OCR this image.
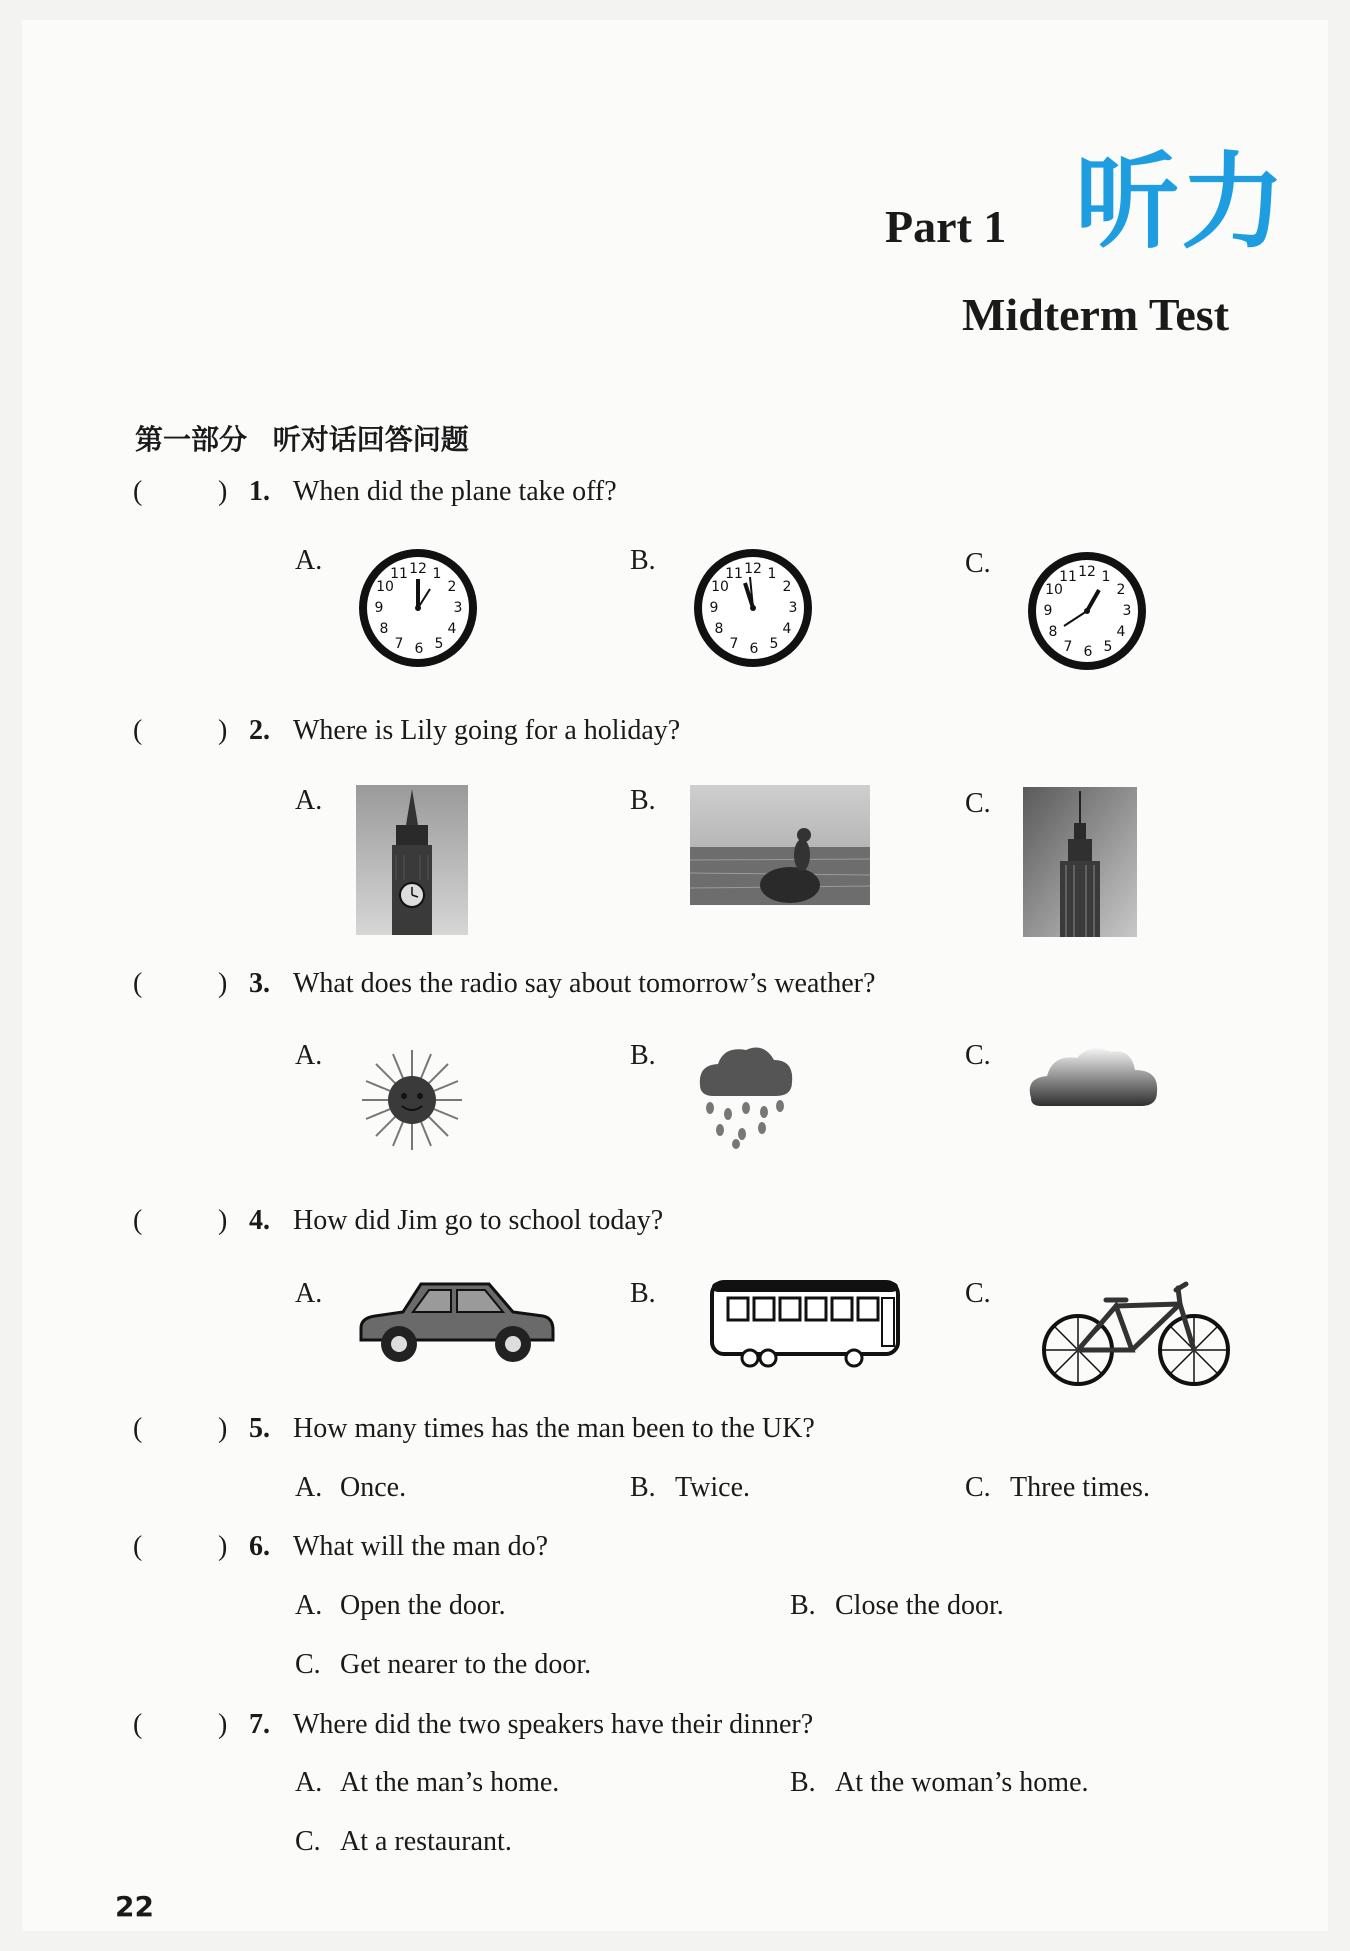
Part 1 听力
Midterm Test
第一部分 听对话回答问题
(	) 1. When did the plane take off?
A.	B.	C.
12 1
2
3
4
5
6
7
8
9
10
11	12 1
2
3
4
5
6
7
8
9
10
11	12 1
2
3
4
5
6
7
8
9
10
11
(	) 2. Where is Lily going for a holiday?
A.	B.	C.
(	) 3. What does the radio say about tomorrow’s weather?
A.	B.	C.
(	) 4. How did Jim go to school today?
A.	B.	C.
(	) 5. How many times has the man been to the UK?
A. Once.	B. Twice.	C. Three times.
(	) 6. What will the man do?
A. Open the door.	B. Close the door.
C. Get nearer to the door.
(	) 7. Where did the two speakers have their dinner?
A. At the man’s home.	B. At the woman’s home.
C. At a restaurant.
22
